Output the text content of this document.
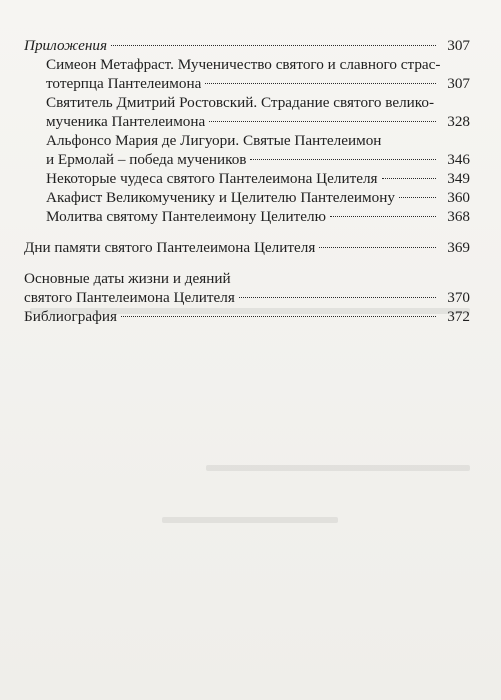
Приложения	307
Симеон Метафраст. Мученичество святого и славного страс-
тотерпца Пантелеимона	307
Святитель Дмитрий Ростовский. Страдание святого велико-
мученика Пантелеимона	328
Альфонсо Мария де Лигуори. Святые Пантелеимон
и Ермолай – победа мучеников	346
Некоторые чудеса святого Пантелеимона Целителя	349
Акафист Великомученику и Целителю Пантелеимону	360
Молитва святому Пантелеимону Целителю	368
Дни памяти святого Пантелеимона Целителя	369
Основные даты жизни и деяний
святого Пантелеимона Целителя	370
Библиография	372
